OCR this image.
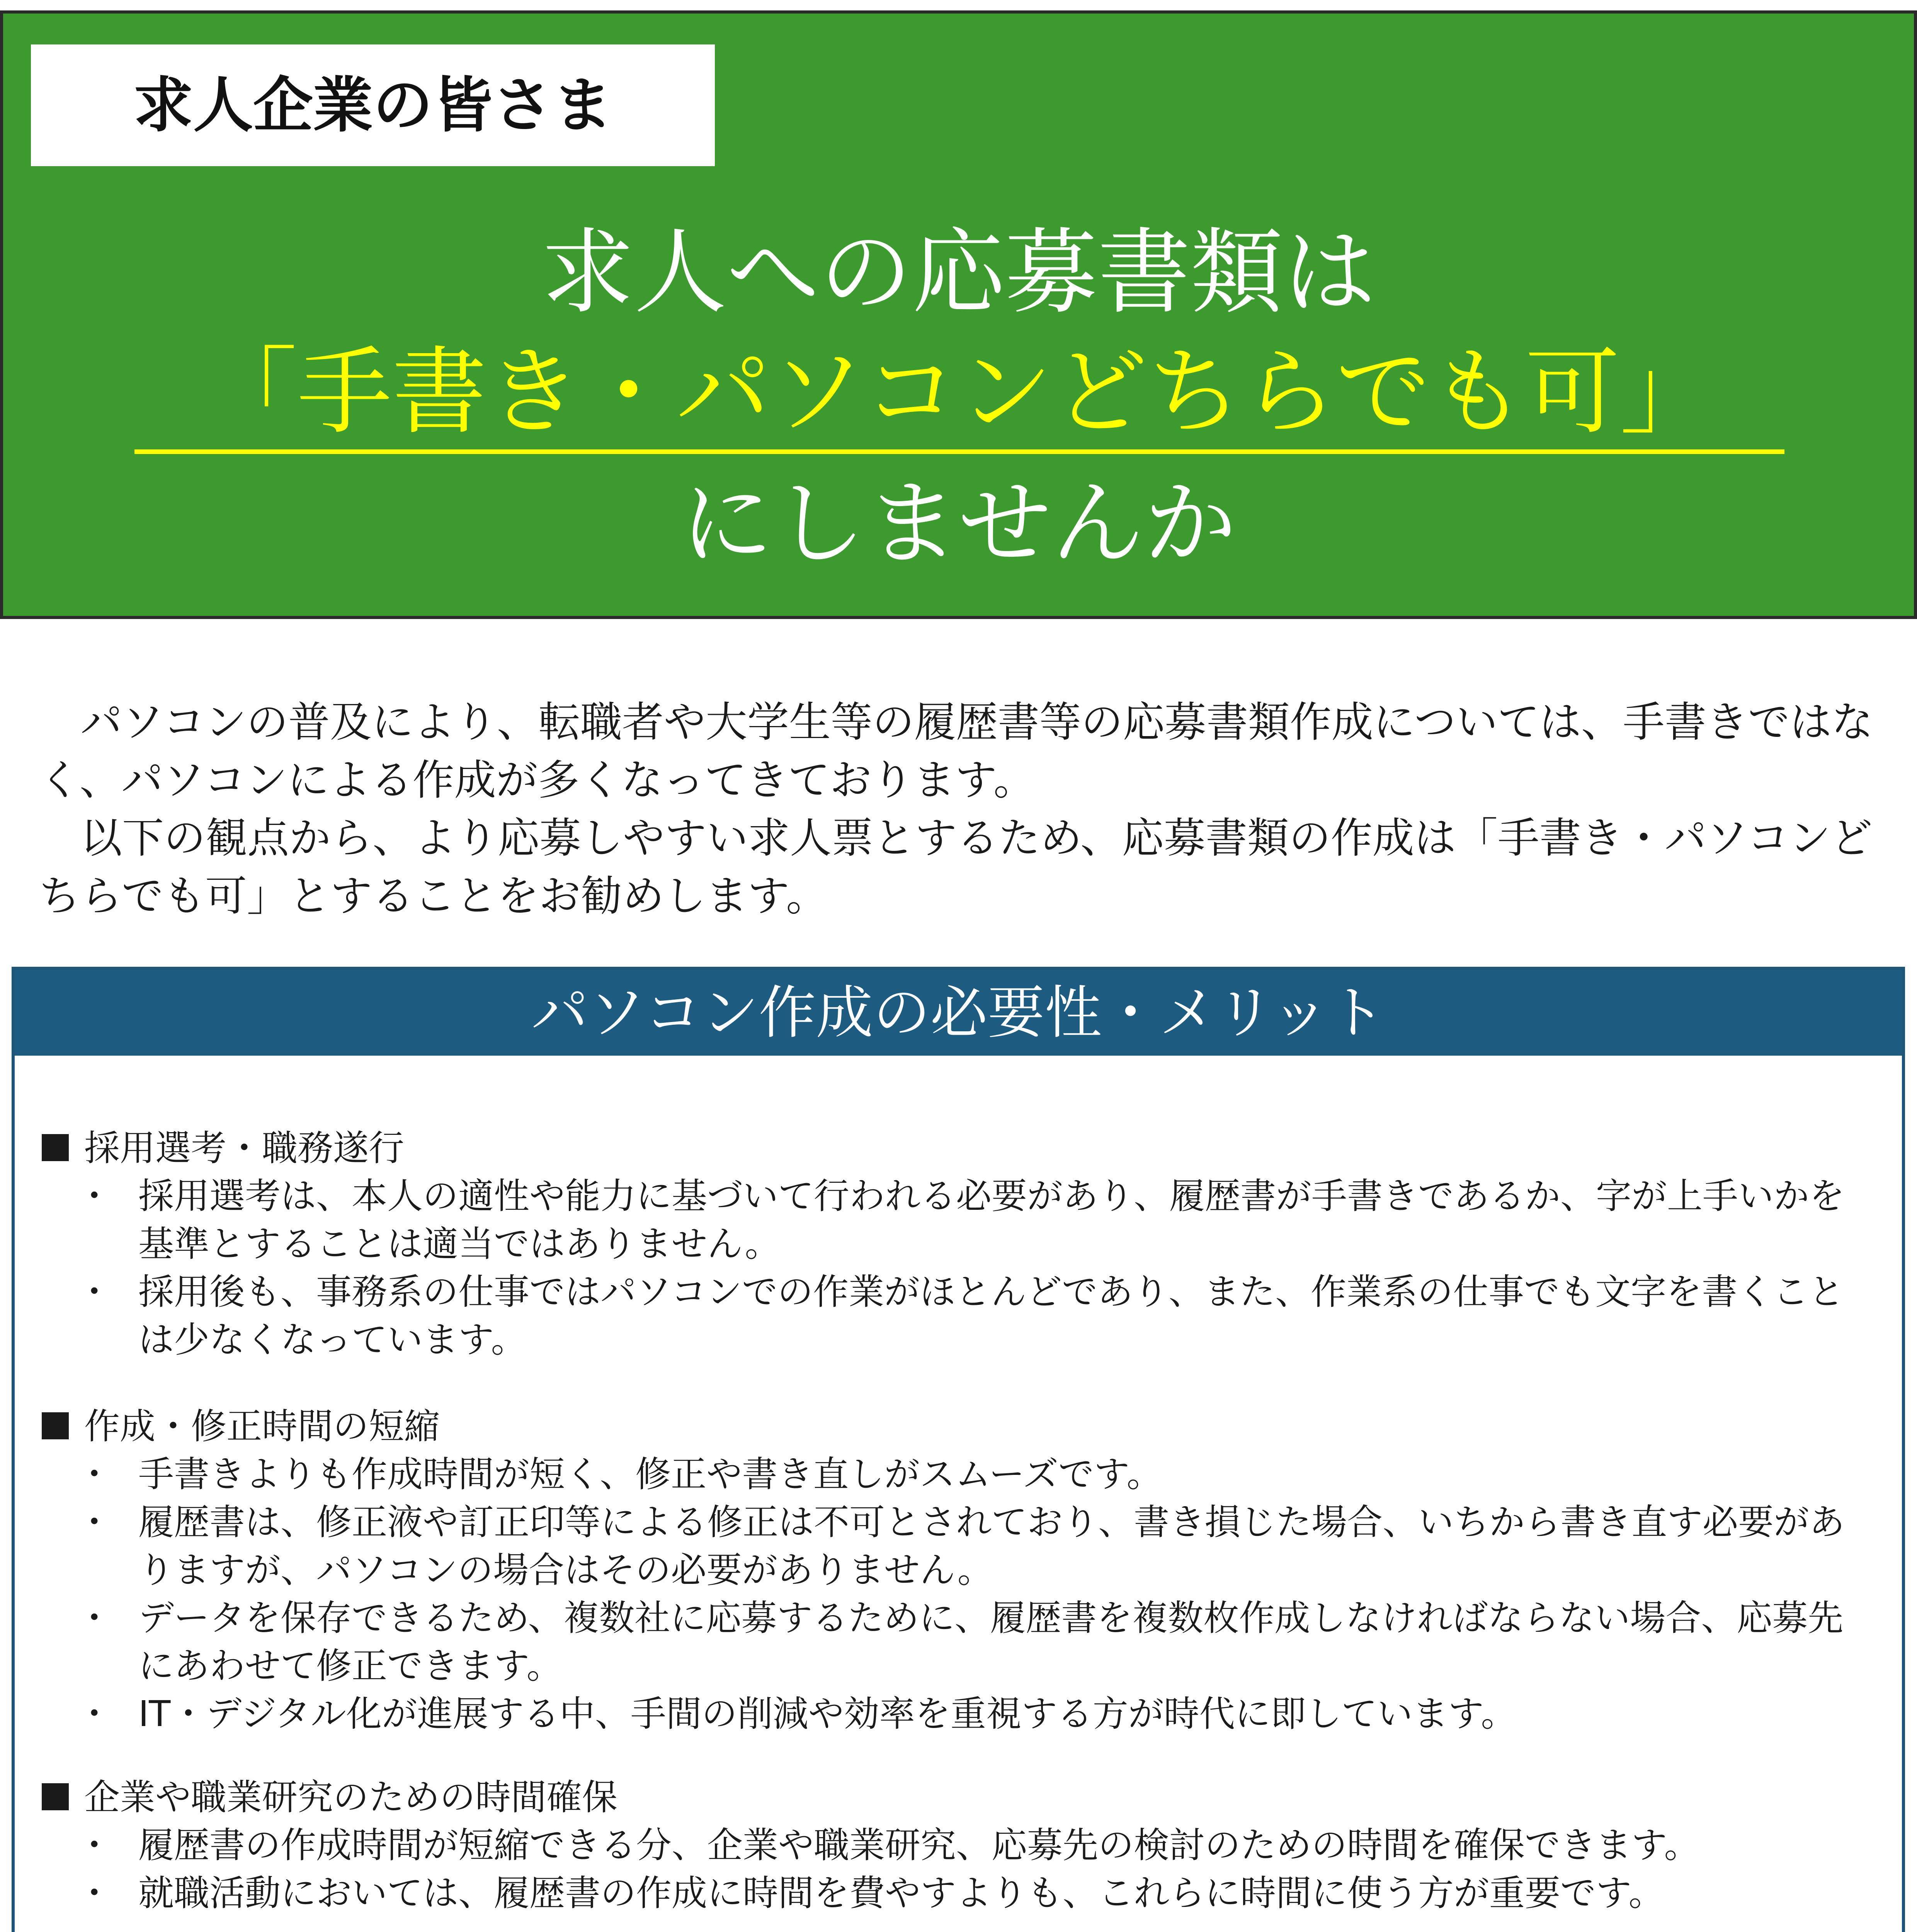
求人企業の皆さま
求人への応募書類は
「手書き・パソコンどちらでも可」
にしませんか
　パソコンの普及により、転職者や大学生等の履歴書等の応募書類作成については、手書きではなく、パソコンによる作成が多くなってきております。
　以下の観点から、より応募しやすい求人票とするため、応募書類の作成は「手書き・パソコンどちらでも可」とすることをお勧めします。
パソコン作成の必要性・メリット
採用選考・職務遂行
・ 採用選考は、本人の適性や能力に基づいて行われる必要があり、履歴書が手書きであるか、字が上手いかを基準とすることは適当ではありません。
・ 採用後も、事務系の仕事ではパソコンでの作業がほとんどであり、また、作業系の仕事でも文字を書くことは少なくなっています。
作成・修正時間の短縮
・ 手書きよりも作成時間が短く、修正や書き直しがスムーズです。
・ 履歴書は、修正液や訂正印等による修正は不可とされており、書き損じた場合、いちから書き直す必要がありますが、パソコンの場合はその必要がありません。
・ データを保存できるため、複数社に応募するために、履歴書を複数枚作成しなければならない場合、応募先にあわせて修正できます。
・ IT・デジタル化が進展する中、手間の削減や効率を重視する方が時代に即しています。
企業や職業研究のための時間確保
・ 履歴書の作成時間が短縮できる分、企業や職業研究、応募先の検討のための時間を確保できます。
・ 就職活動においては、履歴書の作成に時間を費やすよりも、これらに時間に使う方が重要です。
